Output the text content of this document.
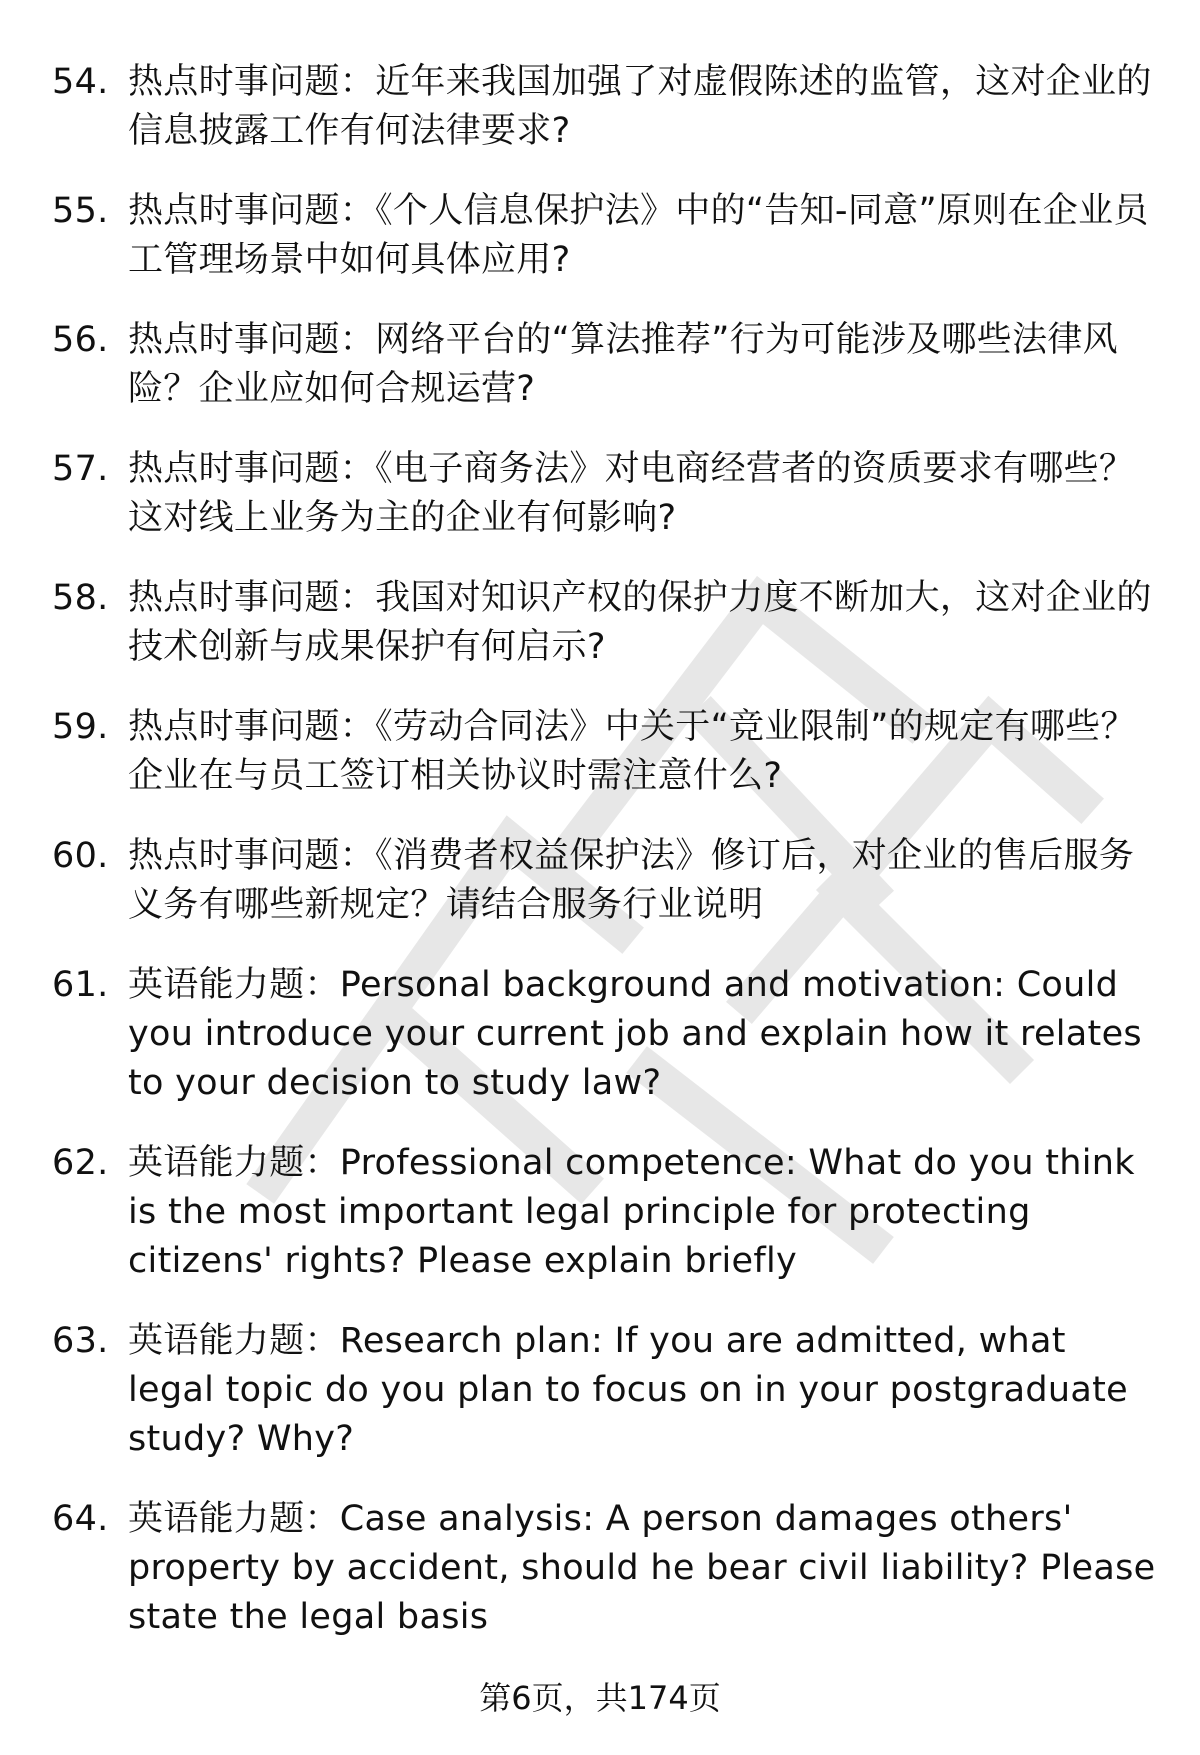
54. 热点时事问题：近年来我国加强了对虚假陈述的监管，这对企业的信息披露工作有何法律要求?
55. 热点时事问题：《个人信息保护法》中的“告知-同意”原则在企业员工管理场景中如何具体应用?
56. 热点时事问题：网络平台的“算法推荐”行为可能涉及哪些法律风险？企业应如何合规运营?
57. 热点时事问题：《电子商务法》对电商经营者的资质要求有哪些？这对线上业务为主的企业有何影响?
58. 热点时事问题：我国对知识产权的保护力度不断加大，这对企业的技术创新与成果保护有何启示?
59. 热点时事问题：《劳动合同法》中关于“竞业限制”的规定有哪些？企业在与员工签订相关协议时需注意什么?
60. 热点时事问题：《消费者权益保护法》修订后，对企业的售后服务义务有哪些新规定？请结合服务行业说明
61. 英语能力题：Personal background and motivation: Could you introduce your current job and explain how it relates to your decision to study law?
62. 英语能力题：Professional competence: What do you think is the most important legal principle for protecting citizens' rights? Please explain briefly
63. 英语能力题：Research plan: If you are admitted, what legal topic do you plan to focus on in your postgraduate study? Why?
64. 英语能力题：Case analysis: A person damages others' property by accident, should he bear civil liability? Please state the legal basis
第6页，共174页
